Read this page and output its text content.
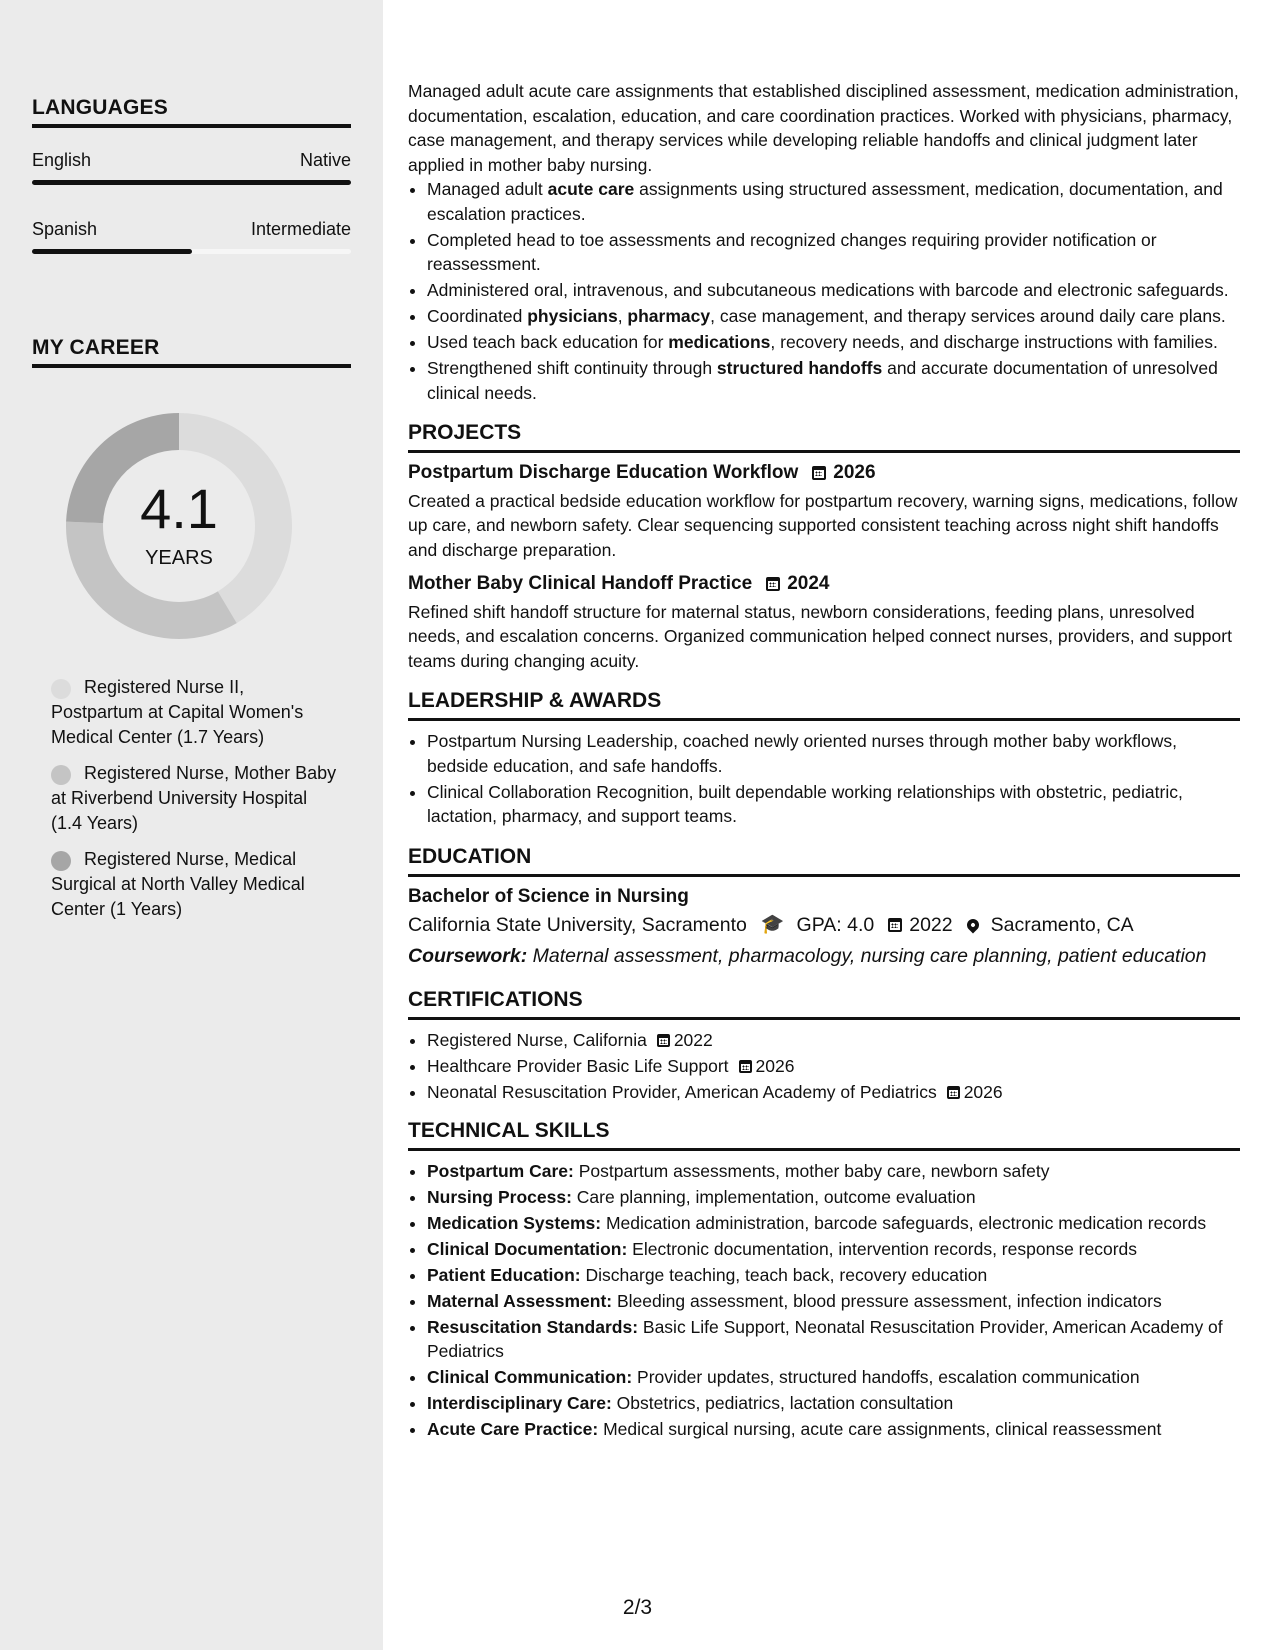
LANGUAGES
English	Native
Spanish	Intermediate
MY CAREER
4.1
YEARS
Registered Nurse II, Postpartum at Capital Women's Medical Center (1.7 Years)
Registered Nurse, Mother Baby at Riverbend University Hospital (1.4 Years)
Registered Nurse, Medical Surgical at North Valley Medical Center (1 Years)

Managed adult acute care assignments that established disciplined assessment, medication administration, documentation, escalation, education, and care coordination practices. Worked with physicians, pharmacy, case management, and therapy services while developing reliable handoffs and clinical judgment later applied in mother baby nursing.

• Managed adult acute care assignments using structured assessment, medication, documentation, and escalation practices.
• Completed head to toe assessments and recognized changes requiring provider notification or reassessment.
• Administered oral, intravenous, and subcutaneous medications with barcode and electronic safeguards.
• Coordinated physicians, pharmacy, case management, and therapy services around daily care plans.
• Used teach back education for medications, recovery needs, and discharge instructions with families.
• Strengthened shift continuity through structured handoffs and accurate documentation of unresolved clinical needs.
PROJECTS
Postpartum Discharge Education Workflow 2026

Created a practical bedside education workflow for postpartum recovery, warning signs, medications, follow up care, and newborn safety. Clear sequencing supported consistent teaching across night shift handoffs and discharge preparation.

Mother Baby Clinical Handoff Practice 2024

Refined shift handoff structure for maternal status, newborn considerations, feeding plans, unresolved needs, and escalation concerns. Organized communication helped connect nurses, providers, and support teams during changing acuity.

LEADERSHIP & AWARDS
• Postpartum Nursing Leadership, coached newly oriented nurses through mother baby workflows, bedside education, and safe handoffs.
• Clinical Collaboration Recognition, built dependable working relationships with obstetric, pediatric, lactation, pharmacy, and support teams.
EDUCATION
Bachelor of Science in Nursing
California State University, Sacramento 🎓 GPA: 4.0 2022 Sacramento, CA
Coursework: Maternal assessment, pharmacology, nursing care planning, patient education
CERTIFICATIONS
• Registered Nurse, California 2022
• Healthcare Provider Basic Life Support 2026
• Neonatal Resuscitation Provider, American Academy of Pediatrics 2026
TECHNICAL SKILLS
• Postpartum Care: Postpartum assessments, mother baby care, newborn safety
• Nursing Process: Care planning, implementation, outcome evaluation
• Medication Systems: Medication administration, barcode safeguards, electronic medication records
• Clinical Documentation: Electronic documentation, intervention records, response records
• Patient Education: Discharge teaching, teach back, recovery education
• Maternal Assessment: Bleeding assessment, blood pressure assessment, infection indicators
• Resuscitation Standards: Basic Life Support, Neonatal Resuscitation Provider, American Academy of Pediatrics
• Clinical Communication: Provider updates, structured handoffs, escalation communication
• Interdisciplinary Care: Obstetrics, pediatrics, lactation consultation
• Acute Care Practice: Medical surgical nursing, acute care assignments, clinical reassessment
2/3
